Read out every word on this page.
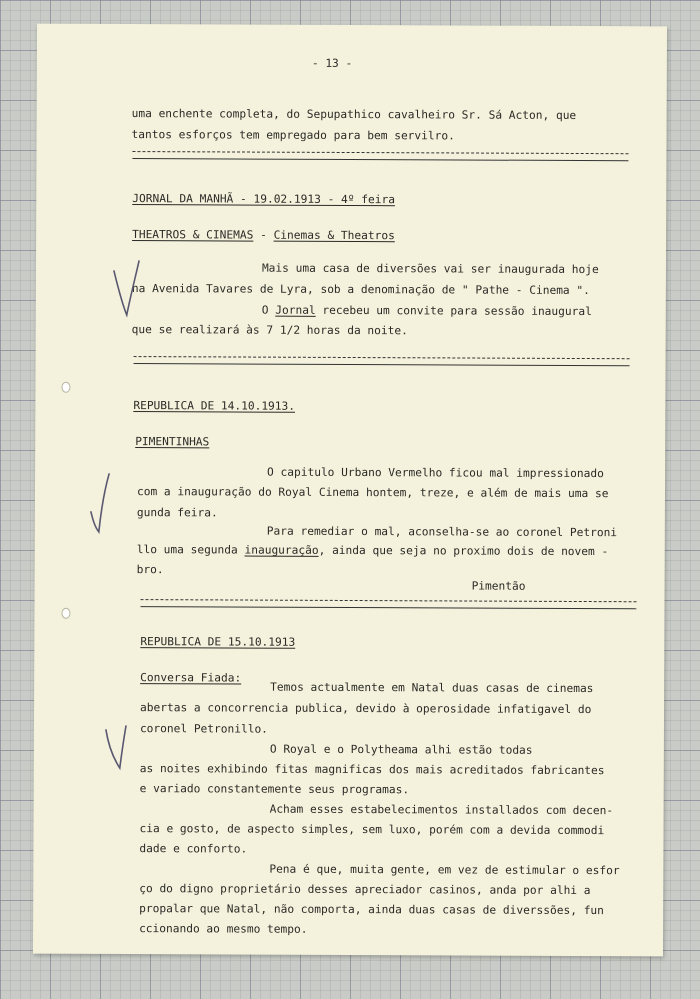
- 13 -
uma enchente completa, do Sepupathico cavalheiro Sr. Sá Acton, que
tantos esforços tem empregado para bem servilro.
JORNAL DA MANHÃ - 19.02.1913 - 4º feira
THEATROS & CINEMAS - Cinemas & Theatros
Mais uma casa de diversões vai ser inaugurada hoje
na Avenida Tavares de Lyra, sob a denominação de " Pathe - Cinema ".
O Jornal recebeu um convite para sessão inaugural
que se realizará às 7 1/2 horas da noite.
REPUBLICA DE 14.10.1913.
PIMENTINHAS
O capitulo Urbano Vermelho ficou mal impressionado
com a inauguração do Royal Cinema hontem, treze, e além de mais uma se
gunda feira.
Para remediar o mal, aconselha-se ao coronel Petroni
llo uma segunda inauguração, ainda que seja no proximo dois de novem -
bro.
Pimentão
REPUBLICA DE 15.10.1913
Conversa Fiada:
Temos actualmente em Natal duas casas de cinemas
abertas a concorrencia publica, devido à operosidade infatigavel do
coronel Petronillo.
O Royal e o Polytheama alhi estão todas
as noites exhibindo fitas magnificas dos mais acreditados fabricantes
e variado constantemente seus programas.
Acham esses estabelecimentos installados com decen-
cia e gosto, de aspecto simples, sem luxo, porém com a devida commodi
dade e conforto.
Pena é que, muita gente, em vez de estimular o esfor
ço do digno proprietário desses apreciador casinos, anda por alhi a
propalar que Natal, não comporta, ainda duas casas de diverssões, fun
ccionando ao mesmo tempo.
